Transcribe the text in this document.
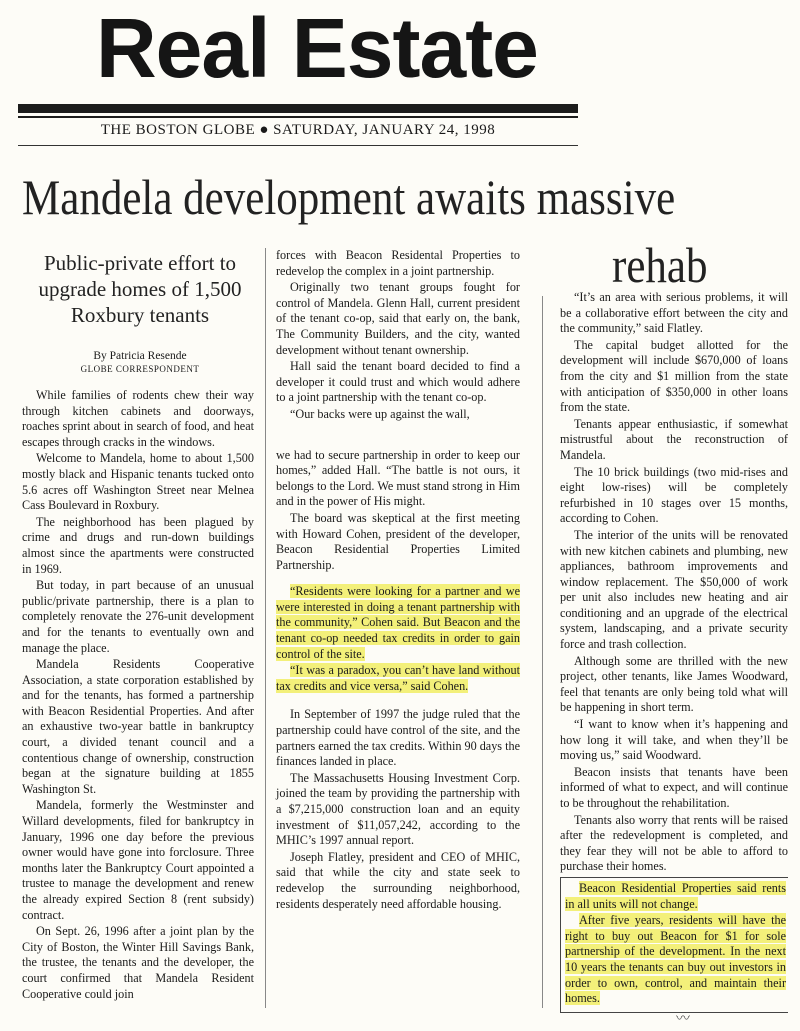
Real Estate
THE BOSTON GLOBE ● SATURDAY, JANUARY 24, 1998
Mandela development awaits massive
rehab
Public-private effort to upgrade homes of 1,500 Roxbury tenants
By Patricia Resende
GLOBE CORRESPONDENT

While families of rodents chew their way through kitchen cabinets and doorways, roaches sprint about in search of food, and heat escapes through cracks in the windows.

Welcome to Mandela, home to about 1,500 mostly black and Hispanic tenants tucked onto 5.6 acres off Washington Street near Melnea Cass Boulevard in Roxbury.

The neighborhood has been plagued by crime and drugs and run-down buildings almost since the apartments were constructed in 1969.

But today, in part because of an unusual public/private partnership, there is a plan to completely renovate the 276-unit development and for the tenants to eventually own and manage the place.

Mandela Residents Cooperative Association, a state corporation established by and for the tenants, has formed a partnership with Beacon Residential Properties. And after an exhaustive two-year battle in bankruptcy court, a divided tenant council and a contentious change of ownership, construction began at the signature building at 1855 Washington St.

Mandela, formerly the Westminster and Willard developments, filed for bankruptcy in January, 1996 one day before the previous owner would have gone into forclosure. Three months later the Bankruptcy Court appointed a trustee to manage the development and renew the already expired Section 8 (rent subsidy) contract.

On Sept. 26, 1996 after a joint plan by the City of Boston, the Winter Hill Savings Bank, the trustee, the tenants and the developer, the court confirmed that Mandela Resident Cooperative could join

forces with Beacon Residental Properties to redevelop the complex in a joint partnership.

Originally two tenant groups fought for control of Mandela. Glenn Hall, current president of the tenant co-op, said that early on, the bank, The Community Builders, and the city, wanted development without tenant ownership.

Hall said the tenant board decided to find a developer it could trust and which would adhere to a joint partnership with the tenant co-op.

“Our backs were up against the wall,

we had to secure partnership in order to keep our homes,” added Hall. “The battle is not ours, it belongs to the Lord. We must stand strong in Him and in the power of His might.

The board was skeptical at the first meeting with Howard Cohen, president of the developer, Beacon Residential Properties Limited Partnership.

“Residents were looking for a partner and we were interested in doing a tenant partnership with the community,” Cohen said. But Beacon and the tenant co-op needed tax credits in order to gain control of the site.

“It was a paradox, you can’t have land without tax credits and vice versa,” said Cohen.

In September of 1997 the judge ruled that the partnership could have control of the site, and the partners earned the tax credits. Within 90 days the finances landed in place.

The Massachusetts Housing Investment Corp. joined the team by providing the partnership with a $7,215,000 construction loan and an equity investment of $11,057,242, according to the MHIC’s 1997 annual report.

Joseph Flatley, president and CEO of MHIC, said that while the city and state seek to redevelop the surrounding neighborhood, residents desperately need affordable housing.

“It’s an area with serious problems, it will be a collaborative effort between the city and the community,” said Flatley.

The capital budget allotted for the development will include $670,000 of loans from the city and $1 million from the state with anticipation of $350,000 in other loans from the state.

Tenants appear enthusiastic, if somewhat mistrustful about the reconstruction of Mandela.

The 10 brick buildings (two mid-rises and eight low-rises) will be completely refurbished in 10 stages over 15 months, according to Cohen.

The interior of the units will be renovated with new kitchen cabinets and plumbing, new appliances, bathroom improvements and window replacement. The $50,000 of work per unit also includes new heating and air conditioning and an upgrade of the electrical system, landscaping, and a private security force and trash collection.

Although some are thrilled with the new project, other tenants, like James Woodward, feel that tenants are only being told what will be happening in short term.

“I want to know when it’s happening and how long it will take, and when they’ll be moving us,” said Woodward.

Beacon insists that tenants have been informed of what to expect, and will continue to be throughout the rehabilitation.

Tenants also worry that rents will be raised after the redevelopment is completed, and they fear they will not be able to afford to purchase their homes.

Beacon Residential Properties said rents in all units will not change.

After five years, residents will have the right to buy out Beacon for $1 for sole partnership of the development. In the next 10 years the tenants can buy out investors in order to own, control, and maintain their homes.

〰
